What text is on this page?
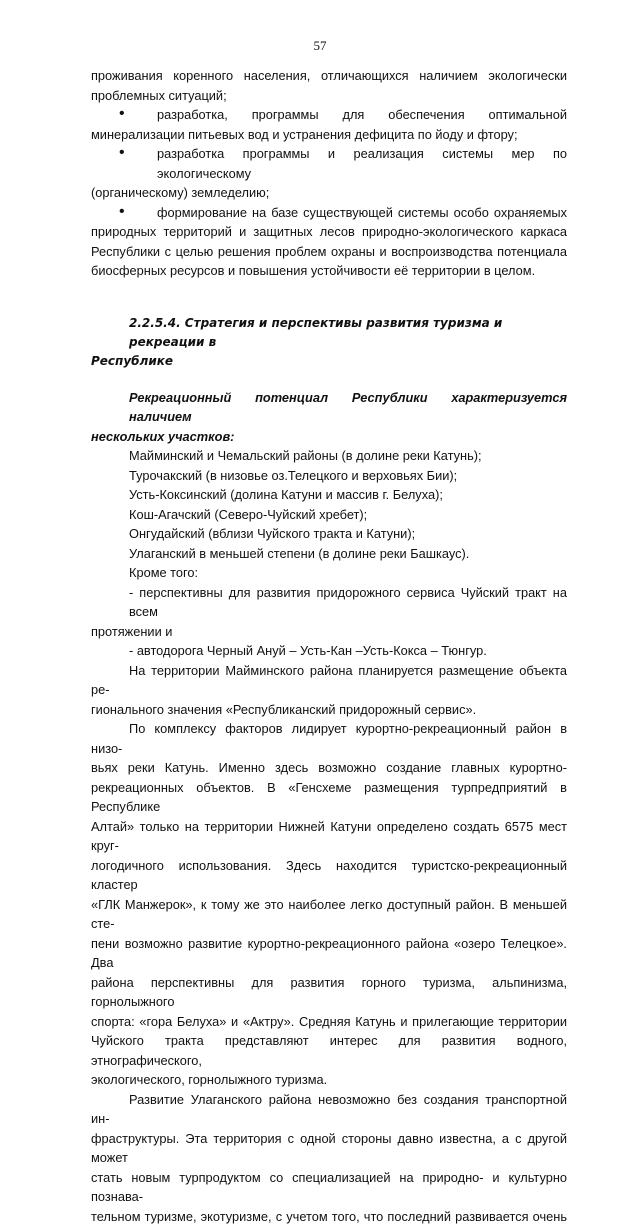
57
проживания коренного населения, отличающихся наличием экологически
проблемных ситуаций;
•	разработка, программы для обеспечения оптимальной
минерализации питьевых вод и устранения дефицита по йоду и фтору;
•	разработка программы и реализация системы мер по экологическому
(органическому) земледелию;
•	формирование на базе существующей системы особо охраняемых
природных территорий и защитных лесов природно-экологического каркаса
Республики с целью решения проблем охраны и воспроизводства потенциала
биосферных ресурсов и повышения устойчивости её территории в целом.
2.2.5.4. Стратегия и перспективы развития туризма и рекреации в
Республике
Рекреационный потенциал Республики характеризуется наличием
нескольких участков:
Майминский и Чемальский районы (в долине реки Катунь);
Турочакский (в низовье оз.Телецкого и верховьях Бии);
Усть-Коксинский (долина Катуни и массив г. Белуха);
Кош-Агачский (Северо-Чуйский хребет);
Онгудайский (вблизи Чуйского тракта и Катуни);
Улаганский в меньшей степени (в долине реки Башкаус).
Кроме того:
- перспективны для развития придорожного сервиса Чуйский тракт на всем
протяжении и
- автодорога Черный Ануй – Усть-Кан –Усть-Кокса – Тюнгур.
На территории Майминского района планируется размещение объекта ре-
гионального значения «Республиканский придорожный сервис».
По комплексу факторов лидирует курортно-рекреационный район в низо-
вьях реки Катунь. Именно здесь возможно создание главных курортно-
рекреационных объектов. В «Генсхеме размещения турпредприятий в Республике
Алтай» только на территории Нижней Катуни определено создать 6575 мест круг-
логодичного использования. Здесь находится туристско-рекреационный кластер
«ГЛК Манжерок», к тому же это наиболее легко доступный район. В меньшей сте-
пени возможно развитие курортно-рекреационного района «озеро Телецкое». Два
района перспективны для развития горного туризма, альпинизма, горнолыжного
спорта: «гора Белуха» и «Актру». Средняя Катунь и прилегающие территории
Чуйского тракта представляют интерес для развития водного, этнографического,
экологического, горнолыжного туризма.
Развитие Улаганского района невозможно без создания транспортной ин-
фраструктуры. Эта территория с одной стороны давно известна, а с другой может
стать новым турпродуктом со специализацией на природно- и культурно познава-
тельном туризме, экотуризме, с учетом того, что последний развивается очень
